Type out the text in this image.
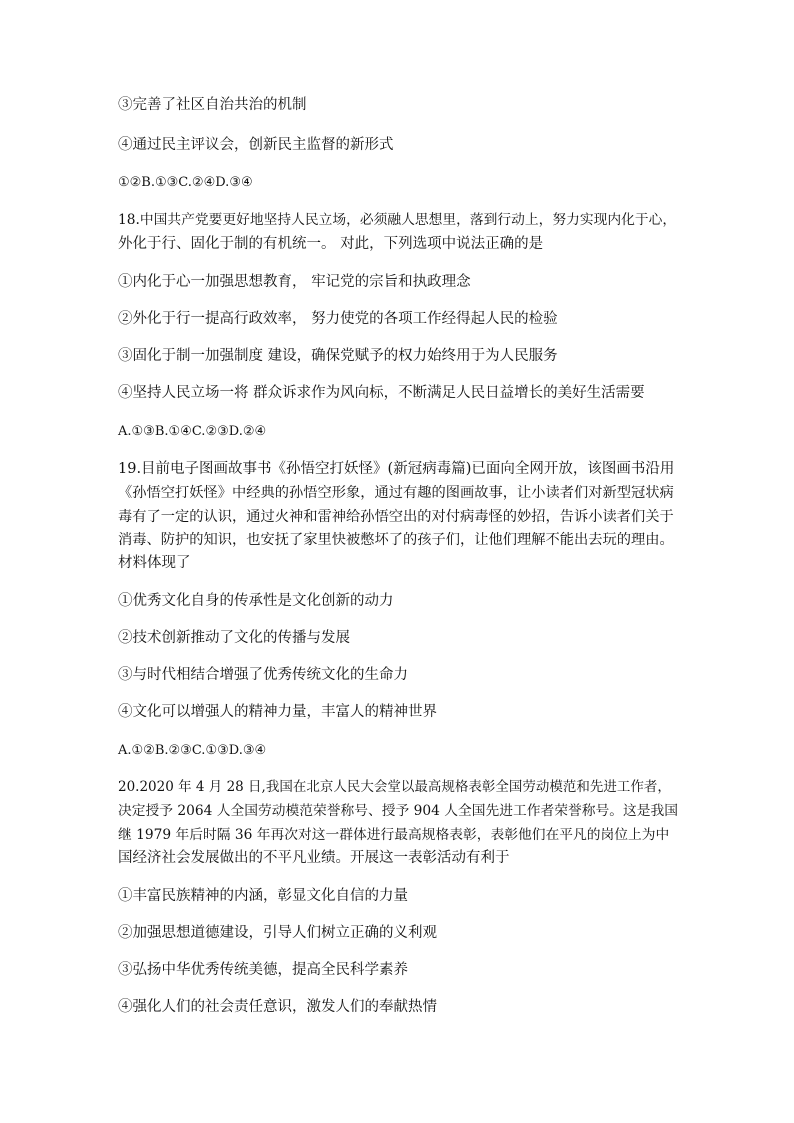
③完善了社区自治共治的机制
④通过民主评议会，创新民主监督的新形式
①②B.①③C.②④D.③④
18.中国共产党要更好地坚持人民立场，必须融人思想里，落到行动上，努力实现内化于心，
外化于行、固化于制的有机统一。 对此，下列选项中说法正确的是
①内化于心一加强思想教育， 牢记党的宗旨和执政理念
②外化于行一提高行政效率， 努力使党的各项工作经得起人民的检验
③固化于制一加强制度 建设，确保党赋予的权力始终用于为人民服务
④坚持人民立场一将 群众诉求作为风向标，不断满足人民日益增长的美好生活需要
A.①③B.①④C.②③D.②④
19.目前电子图画故事书《孙悟空打妖怪》(新冠病毒篇)已面向全网开放，该图画书沿用
《孙悟空打妖怪》中经典的孙悟空形象，通过有趣的图画故事，让小读者们对新型冠状病
毒有了一定的认识，通过火神和雷神给孙悟空出的对付病毒怪的妙招，告诉小读者们关于
消毒、防护的知识，也安抚了家里快被憋坏了的孩子们，让他们理解不能出去玩的理由。
材料体现了
①优秀文化自身的传承性是文化创新的动力
②技术创新推动了文化的传播与发展
③与时代相结合增强了优秀传统文化的生命力
④文化可以增强人的精神力量，丰富人的精神世界
A.①②B.②③C.①③D.③④
20.2020 年 4 月 28 日,我国在北京人民大会堂以最高规格表彰全国劳动模范和先进工作者，
决定授予 2064 人全国劳动模范荣誉称号、授予 904 人全国先进工作者荣誉称号。这是我国
继 1979 年后时隔 36 年再次对这一群体进行最高规格表彰，表彰他们在平凡的岗位上为中
国经济社会发展做出的不平凡业绩。开展这一表彰活动有利于
①丰富民族精神的内涵，彰显文化自信的力量
②加强思想道德建设，引导人们树立正确的义利观
③弘扬中华优秀传统美德，提高全民科学素养
④强化人们的社会责任意识，激发人们的奉献热情
